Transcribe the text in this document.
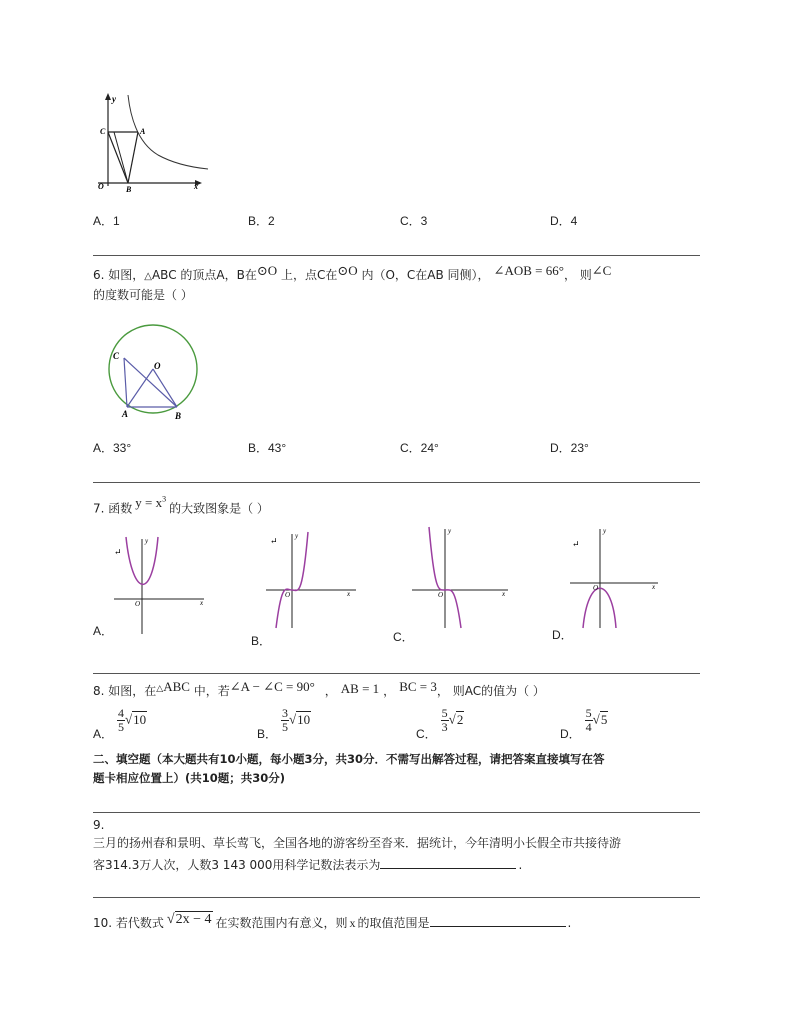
y
C	A
O	B	x
A．1	B．2	C．3	D．4
6. 如图，△ABC 的顶点A，B在⊙O 上，点C在⊙O 内（O，C在AB 同侧）， ∠AOB = 66°， 则∠C
的度数可能是（ ）
C
O
A	B
A．33°	B．43°	C．24°	D．23°
7. 函数 $y = x^3$的大致图象是（ ）
↵
y
x
O
A．
↵ y
x
O
B．
y
x
O
C．
↵
y
x
O
D．
8. 如图，在△ABC 中，若∠A − ∠C = 90° ， AB = 1 ， BC = 3， 则AC的值为（ ）
A． $\frac{4}{5} √10$
B． $\frac{3}{5} √10$
C． $\frac{5}{3} √2$
D． $\frac{5}{4} √5$
二、填空题（本大题共有10小题，每小题3分，共30分．不需写出解答过程，请把答案直接填写在答
题卡相应位置上）(共10题；共30分)
9.
三月的扬州春和景明、草长莺飞，全国各地的游客纷至沓来．据统计，今年清明小长假全市共接待游
客314.3万人次，人数3 143 000用科学记数法表示为	.
10. 若代数式 √2x − 4 在实数范围内有意义，则 x 的取值范围是	.
